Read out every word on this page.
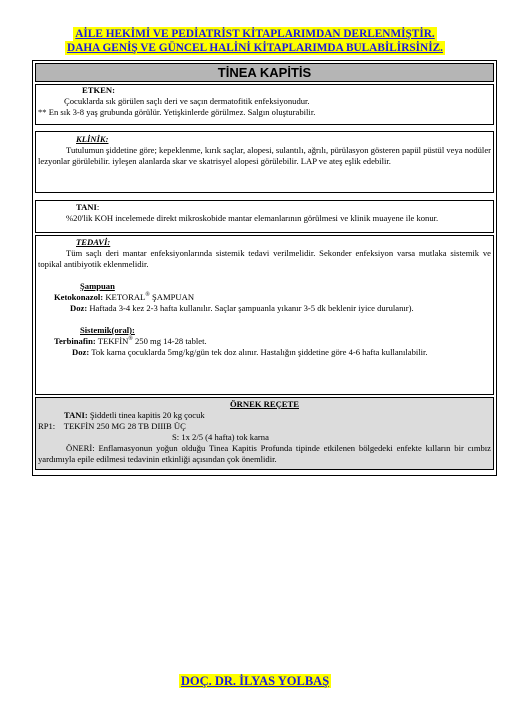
AİLE HEKİMİ VE PEDİATRİST KİTAPLARIMDAN DERLENMİŞTİR.
DAHA GENİŞ VE GÜNCEL HALİNİ KİTAPLARIMDA BULABİLİRSİNİZ.
TİNEA KAPİTİS

ETKEN:

Çocuklarda sık görülen saçlı deri ve saçın dermatofitik enfeksiyonudur.

** En sık 3-8 yaş grubunda görülür. Yetişkinlerde görülmez. Salgın oluşturabilir.

KLİNİK:

Tutulumun şiddetine göre; kepeklenme, kırık saçlar, alopesi, sulantılı, ağrılı, pürülasyon gösteren papül püstül veya nodüler lezyonlar görülebilir. iyleşen alanlarda skar ve skatrisyel alopesi görülebilir. LAP ve ateş eşlik edebilir.

TANI:

%20'lik KOH incelemede direkt mikroskobide mantar elemanlarının görülmesi ve klinik muayene ile konur.

TEDAVİ:

Tüm saçlı deri mantar enfeksiyonlarında sistemik tedavi verilmelidir. Sekonder enfeksiyon varsa mutlaka sistemik ve topikal antibiyotik eklenmelidir.

Şampuan

Ketokonazol: KETORAL® ŞAMPUAN

Doz: Haftada 3-4 kez 2-3 hafta kullanılır. Saçlar şampuanla yıkanır 3-5 dk beklenir iyice durulanır).

Sistemik(oral):

Terbinafin: TEKFİN® 250 mg 14-28 tablet.

Doz: Tok karna çocuklarda 5mg/kg/gün tek doz alınır. Hastalığın şiddetine göre 4-6 hafta kullanılabilir.

ÖRNEK REÇETE

TANI: Şiddetli tinea kapitis 20 kg çocuk

RP1: TEKFİN 250 MG 28 TB DIIIB ÜÇ

S: 1x 2/5 (4 hafta) tok karna

ÖNERİ: Enflamasyonun yoğun olduğu Tinea Kapitis Profunda tipinde etkilenen bölgedeki enfekte kılların bir cımbız yardımıyla epile edilmesi tedavinin etkinliği açısından çok önemlidir.

DOÇ. DR. İLYAS YOLBAŞ
